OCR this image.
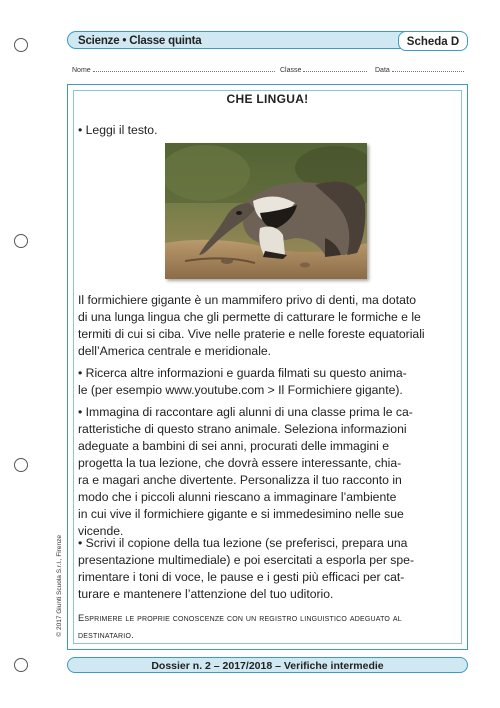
Scienze • Classe quinta	Scheda D
Nome	Classe	Data
CHE LINGUA!
• Leggi il testo.
Il formichiere gigante è un mammifero privo di denti, ma dotato
di una lunga lingua che gli permette di catturare le formiche e le
termiti di cui si ciba. Vive nelle praterie e nelle foreste equatoriali
dell’America centrale e meridionale.
• Ricerca altre informazioni e guarda filmati su questo anima-
le (per esempio www.youtube.com > Il Formichiere gigante).
• Immagina di raccontare agli alunni di una classe prima le ca-
ratteristiche di questo strano animale. Seleziona informazioni
adeguate a bambini di sei anni, procurati delle immagini e
progetta la tua lezione, che dovrà essere interessante, chia-
ra e magari anche divertente. Personalizza il tuo racconto in
modo che i piccoli alunni riescano a immaginare l’ambiente
in cui vive il formichiere gigante e si immedesimino nelle sue
vicende.
• Scrivi il copione della tua lezione (se preferisci, prepara una
presentazione multimediale) e poi esercitati a esporla per spe-
rimentare i toni di voce, le pause e i gesti più efficaci per cat-
turare e mantenere l’attenzione del tuo uditorio.
Esprimere le proprie conoscenze con un registro linguistico adeguato al
destinatario.
© 2017 Giunti Scuola S.r.l., Firenze
Dossier n. 2 – 2017/2018 – Verifiche intermedie
